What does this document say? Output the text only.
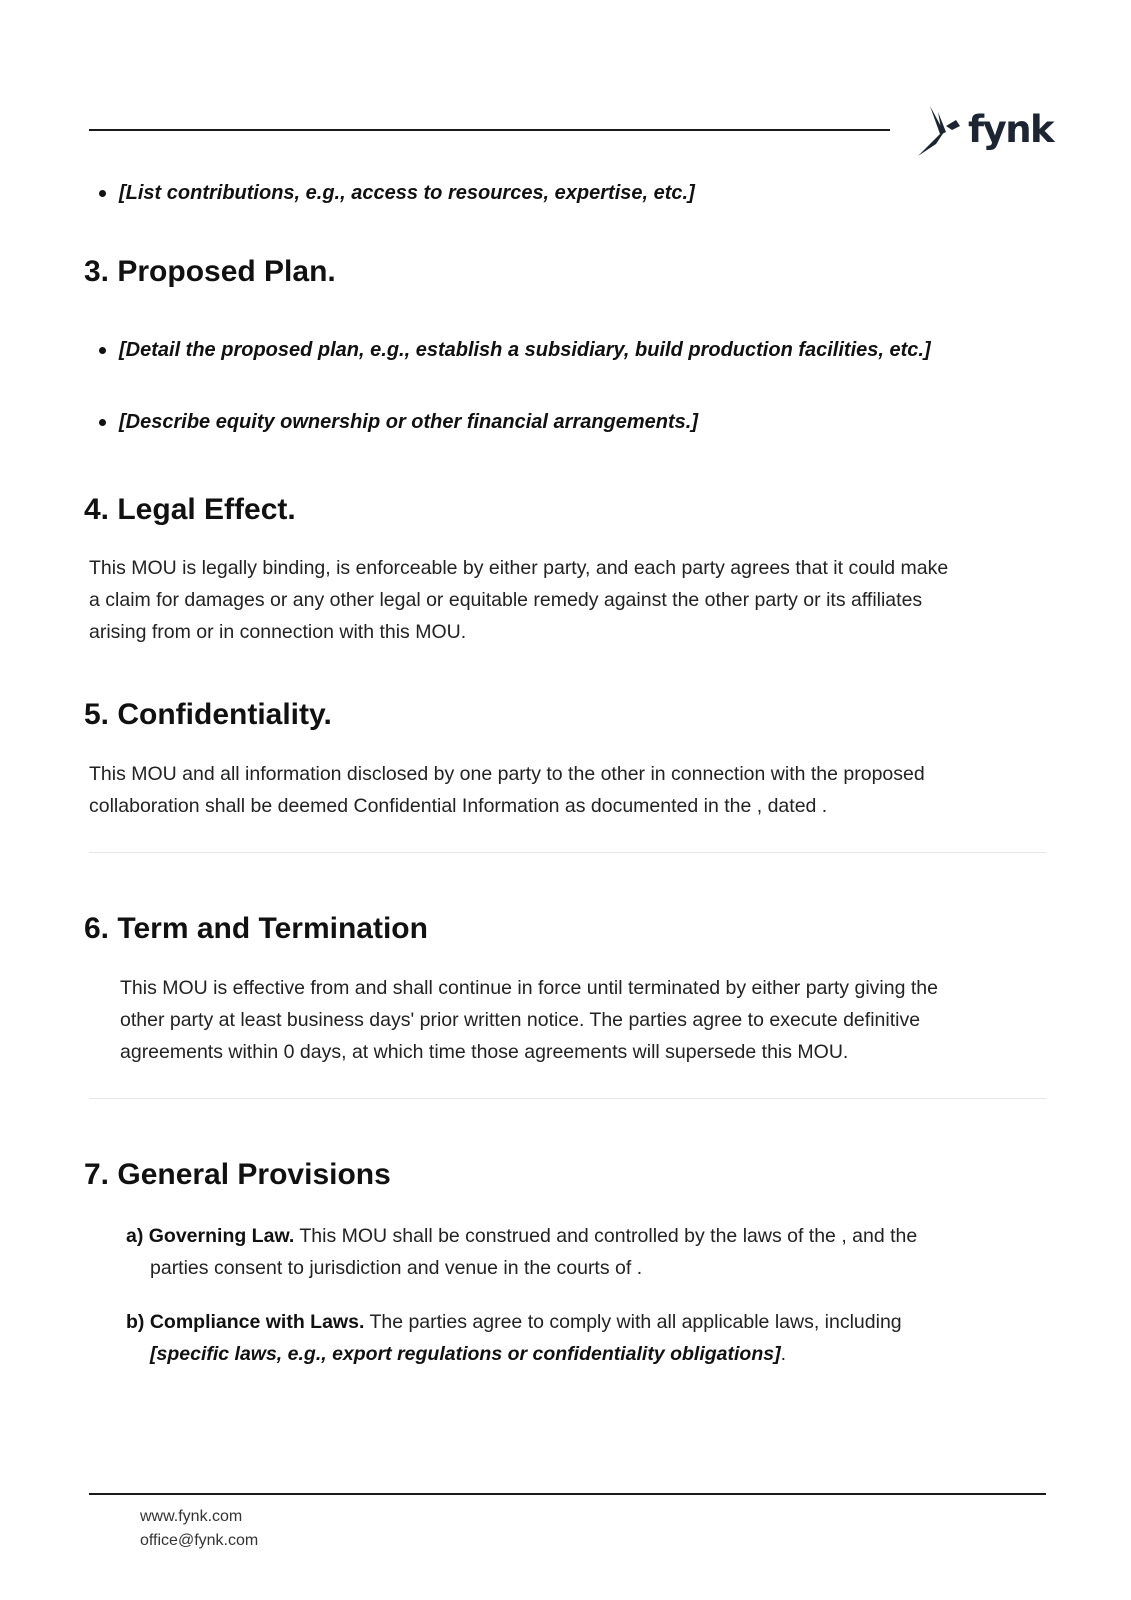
fynk
[List contributions, e.g., access to resources, expertise, etc.]
3. Proposed Plan.
[Detail the proposed plan, e.g., establish a subsidiary, build production facilities, etc.]
[Describe equity ownership or other financial arrangements.]
4. Legal Effect.
This MOU is legally binding, is enforceable by either party, and each party agrees that it could make
a claim for damages or any other legal or equitable remedy against the other party or its affiliates
arising from or in connection with this MOU.
5. Confidentiality.
This MOU and all information disclosed by one party to the other in connection with the proposed
collaboration shall be deemed Confidential Information as documented in the , dated .
6. Term and Termination
This MOU is effective from and shall continue in force until terminated by either party giving the
other party at least business days' prior written notice. The parties agree to execute definitive
agreements within 0 days, at which time those agreements will supersede this MOU.
7. General Provisions
a) Governing Law. This MOU shall be construed and controlled by the laws of the , and the
parties consent to jurisdiction and venue in the courts of .
b) Compliance with Laws. The parties agree to comply with all applicable laws, including
[specific laws, e.g., export regulations or confidentiality obligations].
www.fynk.com
office@fynk.com
